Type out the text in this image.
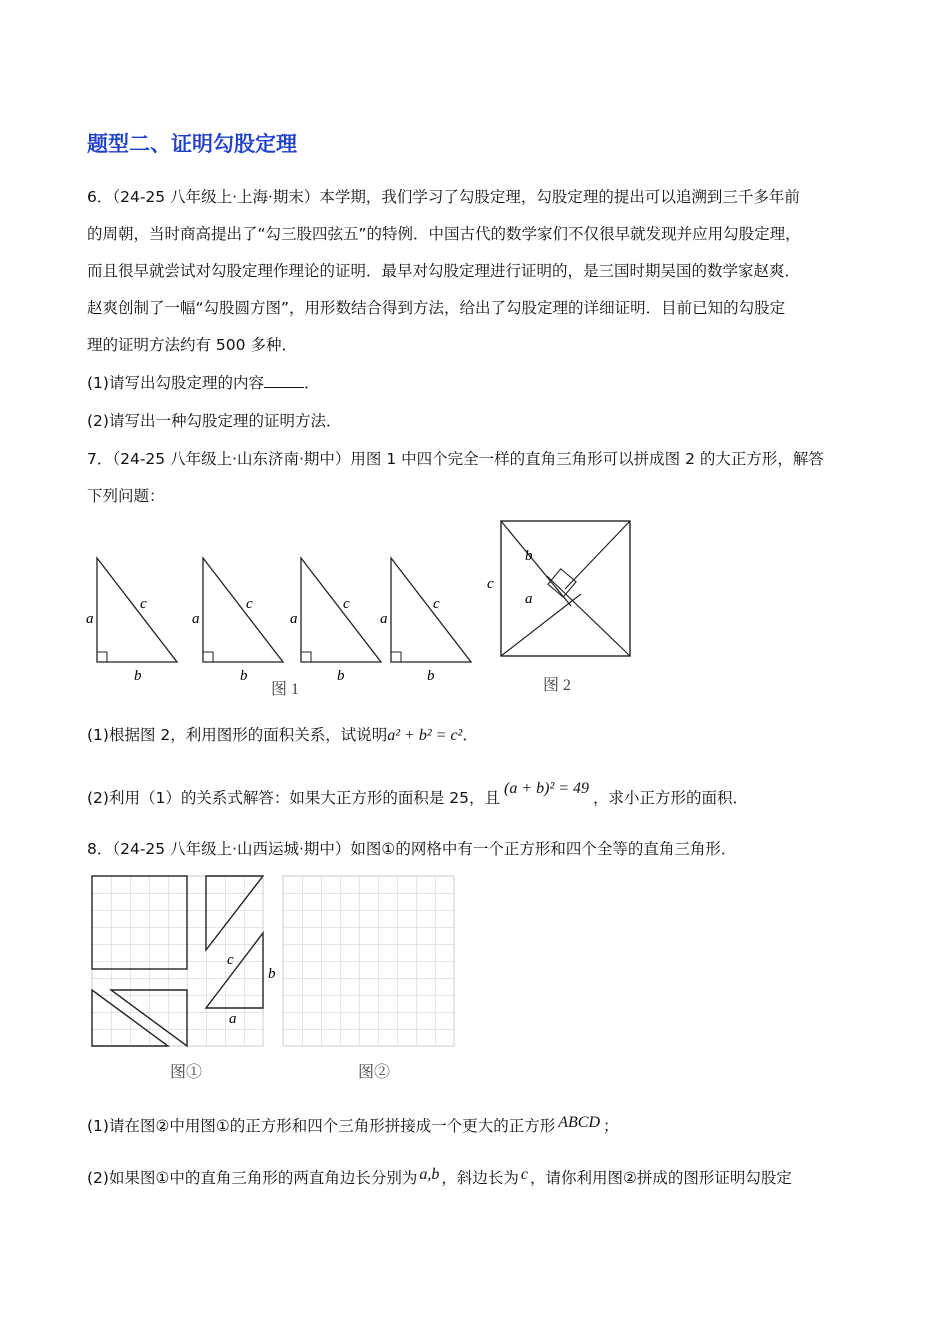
题型二、证明勾股定理
6．（24-25 八年级上·上海·期末）本学期，我们学习了勾股定理，勾股定理的提出可以追溯到三千多年前
的周朝，当时商高提出了“勾三股四弦五”的特例．中国古代的数学家们不仅很早就发现并应用勾股定理，
而且很早就尝试对勾股定理作理论的证明．最早对勾股定理进行证明的，是三国时期吴国的数学家赵爽．
赵爽创制了一幅“勾股圆方图”，用形数结合得到方法，给出了勾股定理的详细证明．目前已知的勾股定
理的证明方法约有 500 多种．
(1)请写出勾股定理的内容	．
(2)请写出一种勾股定理的证明方法．
7．（24-25 八年级上·山东济南·期中）用图 1 中四个完全一样的直角三角形可以拼成图 2 的大正方形，解答
下列问题：
a
c
b
a
c
b
a
c
b
a
c
b
图 1
b
a
c
图 2
(1)根据图 2，利用图形的面积关系，试说明a² + b² = c²．
(2)利用（1）的关系式解答：如果大正方形的面积是 25，且(a + b)² = 49，求小正方形的面积．
8．（24-25 八年级上·山西运城·期中）如图①的网格中有一个正方形和四个全等的直角三角形．
c
b
a
图①	图②
(1)请在图②中用图①的正方形和四个三角形拼接成一个更大的正方形 ABCD ；
(2)如果图①中的直角三角形的两直角边长分别为 a,b ，斜边长为 c ，请你利用图②拼成的图形证明勾股定
